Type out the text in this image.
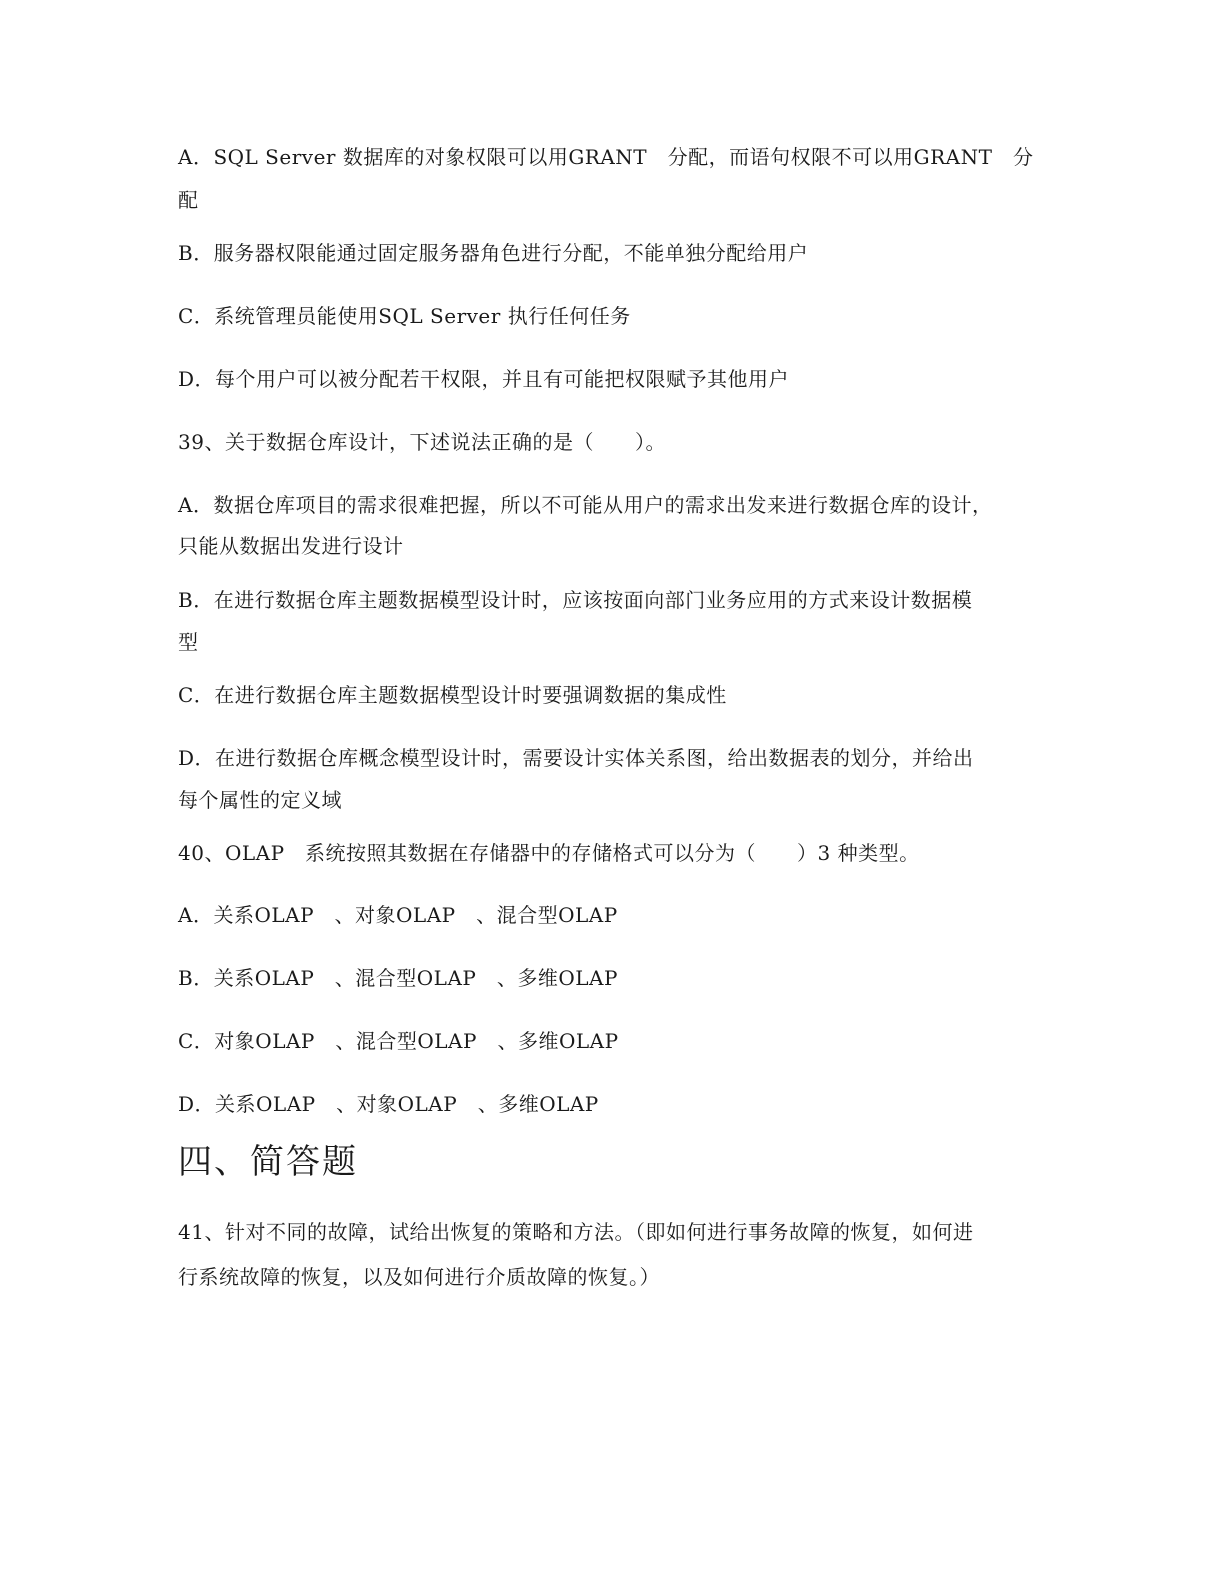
A．SQL Server 数据库的对象权限可以用GRANT　分配，而语句权限不可以用GRANT　分
配
B．服务器权限能通过固定服务器角色进行分配，不能单独分配给用户
C．系统管理员能使用SQL Server 执行任何任务
D．每个用户可以被分配若干权限，并且有可能把权限赋予其他用户
39、关于数据仓库设计，下述说法正确的是（　　）。
A．数据仓库项目的需求很难把握，所以不可能从用户的需求出发来进行数据仓库的设计，
只能从数据出发进行设计
B．在进行数据仓库主题数据模型设计时，应该按面向部门业务应用的方式来设计数据模
型
C．在进行数据仓库主题数据模型设计时要强调数据的集成性
D．在进行数据仓库概念模型设计时，需要设计实体关系图，给出数据表的划分，并给出
每个属性的定义域
40、OLAP　系统按照其数据在存储器中的存储格式可以分为（　　）3 种类型。
A．关系OLAP　、对象OLAP　、混合型OLAP
B．关系OLAP　、混合型OLAP　、多维OLAP
C．对象OLAP　、混合型OLAP　、多维OLAP
D．关系OLAP　、对象OLAP　、多维OLAP
四、简答题
41、针对不同的故障，试给出恢复的策略和方法。（即如何进行事务故障的恢复，如何进
行系统故障的恢复，以及如何进行介质故障的恢复。）
